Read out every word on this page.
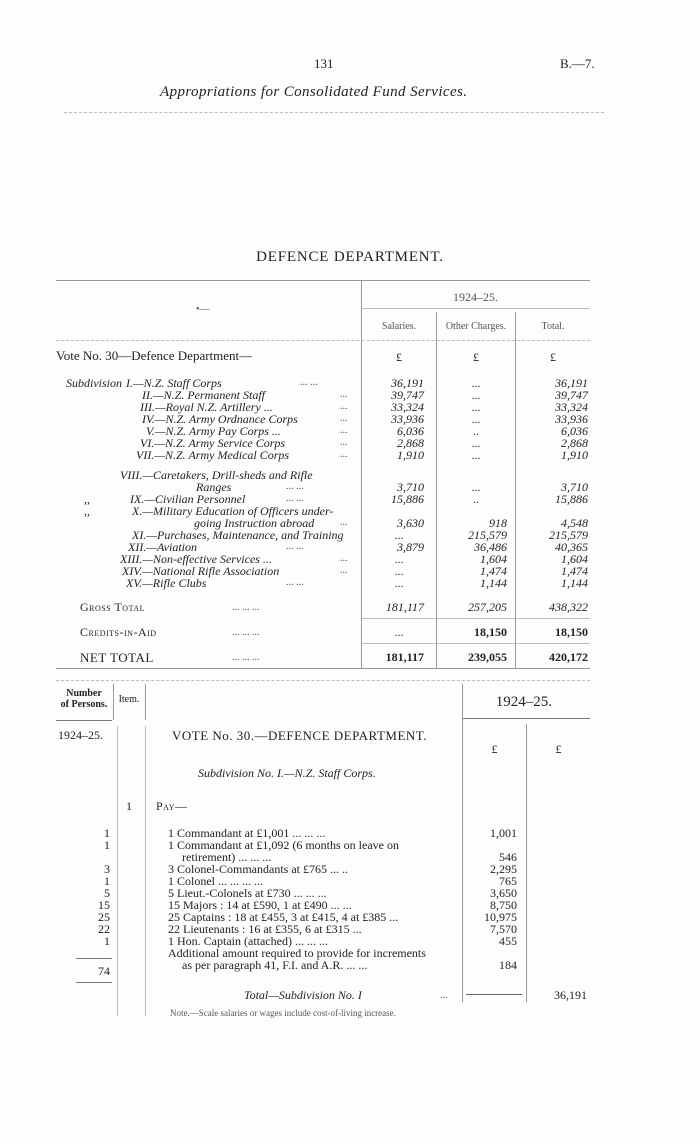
131	B.—7.
Appropriations for Consolidated Fund Services.
DEFENCE DEPARTMENT.
•—
1924–25.
Salaries.	Other Charges.	Total.
Vote No. 30—Defence Department—	£	£	£
Subdivision I.—N.Z. Staff Corps	... ...	36,191	...	36,191
II.—N.Z. Permanent Staff	...	39,747	...	39,747
III.—Royal N.Z. Artillery ...	...	33,324	...	33,324
IV.—N.Z. Army Ordnance Corps	...	33,936	...	33,936
V.—N.Z. Army Pay Corps ...	...	6,036	..	6,036
VI.—N.Z. Army Service Corps	...	2,868	...	2,868
VII.—N.Z. Army Medical Corps	...	1,910	...	1,910
VIII.—Caretakers, Drill-sheds and Rifle
Ranges	... ...	3,710	...	3,710
,,	IX.—Civilian Personnel	... ...	15,886	..	15,886
,,	X.—Military Education of Officers under-
going Instruction abroad	...	3,630	918	4,548
XI.—Purchases, Maintenance, and Training	...	215,579	215,579
XII.—Aviation	... ...	3,879	36,486	40,365
XIII.—Non-effective Services ...	...	...	1,604	1,604
XIV.—National Rifle Association	...	...	1,474	1,474
XV.—Rifle Clubs	... ...	...	1,144	1,144
Gross Total	... ... ...	181,117	257,205	438,322
Credits-in-Aid	... ... ...	...	18,150	18,150
NET TOTAL	... ... ...	181,117	239,055	420,172
Number
of Persons.	Item.	1924–25.
1924–25.	VOTE No. 30.—DEFENCE DEPARTMENT.
£	£
Subdivision No. I.—N.Z. Staff Corps.
1 Pay—
1	1 Commandant at £1,001 ... ... ...	1,001
1	1 Commandant at £1,092 (6 months on leave on
retirement) ... ... ...	546
3	3 Colonel-Commandants at £765 ... ..	2,295
1	1 Colonel ... ... ... ...	765
5	5 Lieut.-Colonels at £730 ... ... ...	3,650
15	15 Majors : 14 at £590, 1 at £490 ... ...	8,750
25	25 Captains : 18 at £455, 3 at £415, 4 at £385 ...	10,975
22	22 Lieutenants : 16 at £355, 6 at £315 ...	7,570
1	1 Hon. Captain (attached) ... ... ...	455
Additional amount required to provide for increments
as per paragraph 41, F.I. and A.R. ... ...	184
74
Total—Subdivision No. I	...	36,191
Note.—Scale salaries or wages include cost-of-living increase.
